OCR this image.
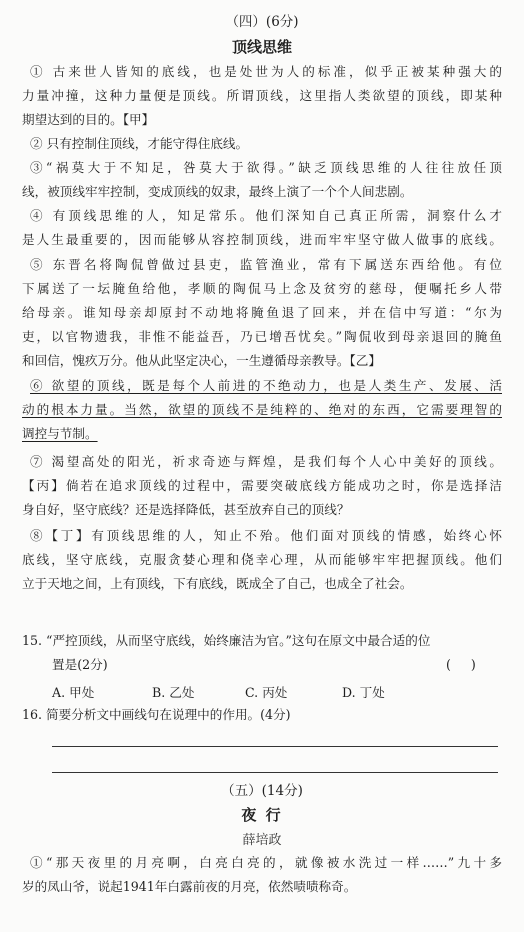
（四）(6分)
顶线思维
① 古来世人皆知的底线，也是处世为人的标准，似乎正被某种强大的
力量冲撞，这种力量便是顶线。所谓顶线，这里指人类欲望的顶线，即某种
期望达到的目的。【甲】
② 只有控制住顶线，才能守得住底线。
③“祸莫大于不知足，咎莫大于欲得。”缺乏顶线思维的人往往放任顶
线，被顶线牢牢控制，变成顶线的奴隶，最终上演了一个个人间悲剧。
④ 有顶线思维的人，知足常乐。他们深知自己真正所需，洞察什么才
是人生最重要的，因而能够从容控制顶线，进而牢牢坚守做人做事的底线。
⑤ 东晋名将陶侃曾做过县吏，监管渔业，常有下属送东西给他。有位
下属送了一坛腌鱼给他，孝顺的陶侃马上念及贫穷的慈母，便嘱托乡人带
给母亲。谁知母亲却原封不动地将腌鱼退了回来，并在信中写道：“尔为
吏，以官物遗我，非惟不能益吾，乃已增吾忧矣。”陶侃收到母亲退回的腌鱼
和回信，愧疚万分。他从此坚定决心，一生遵循母亲教导。【乙】
⑥ 欲望的顶线，既是每个人前进的不绝动力，也是人类生产、发展、活
动的根本力量。当然，欲望的顶线不是纯粹的、绝对的东西，它需要理智的
调控与节制。
⑦ 渴望高处的阳光，祈求奇迹与辉煌，是我们每个人心中美好的顶线。
【丙】倘若在追求顶线的过程中，需要突破底线方能成功之时，你是选择洁
身自好，坚守底线？还是选择降低，甚至放弃自己的顶线？
⑧【丁】有顶线思维的人，知止不殆。他们面对顶线的情感，始终心怀
底线，坚守底线，克服贪婪心理和侥幸心理，从而能够牢牢把握顶线。他们
立于天地之间，上有顶线，下有底线，既成全了自己，也成全了社会。
15. “严控顶线，从而坚守底线，始终廉洁为官。”这句在原文中最合适的位
置是(2分)	(     )
A. 甲处	B. 乙处	C. 丙处	D. 丁处
16. 简要分析文中画线句在说理中的作用。(4分)
（五）(14分)
夜 行
薛培政
①“那天夜里的月亮啊，白亮白亮的，就像被水洗过一样……”九十多
岁的凤山爷，说起1941年白露前夜的月亮，依然啧啧称奇。
